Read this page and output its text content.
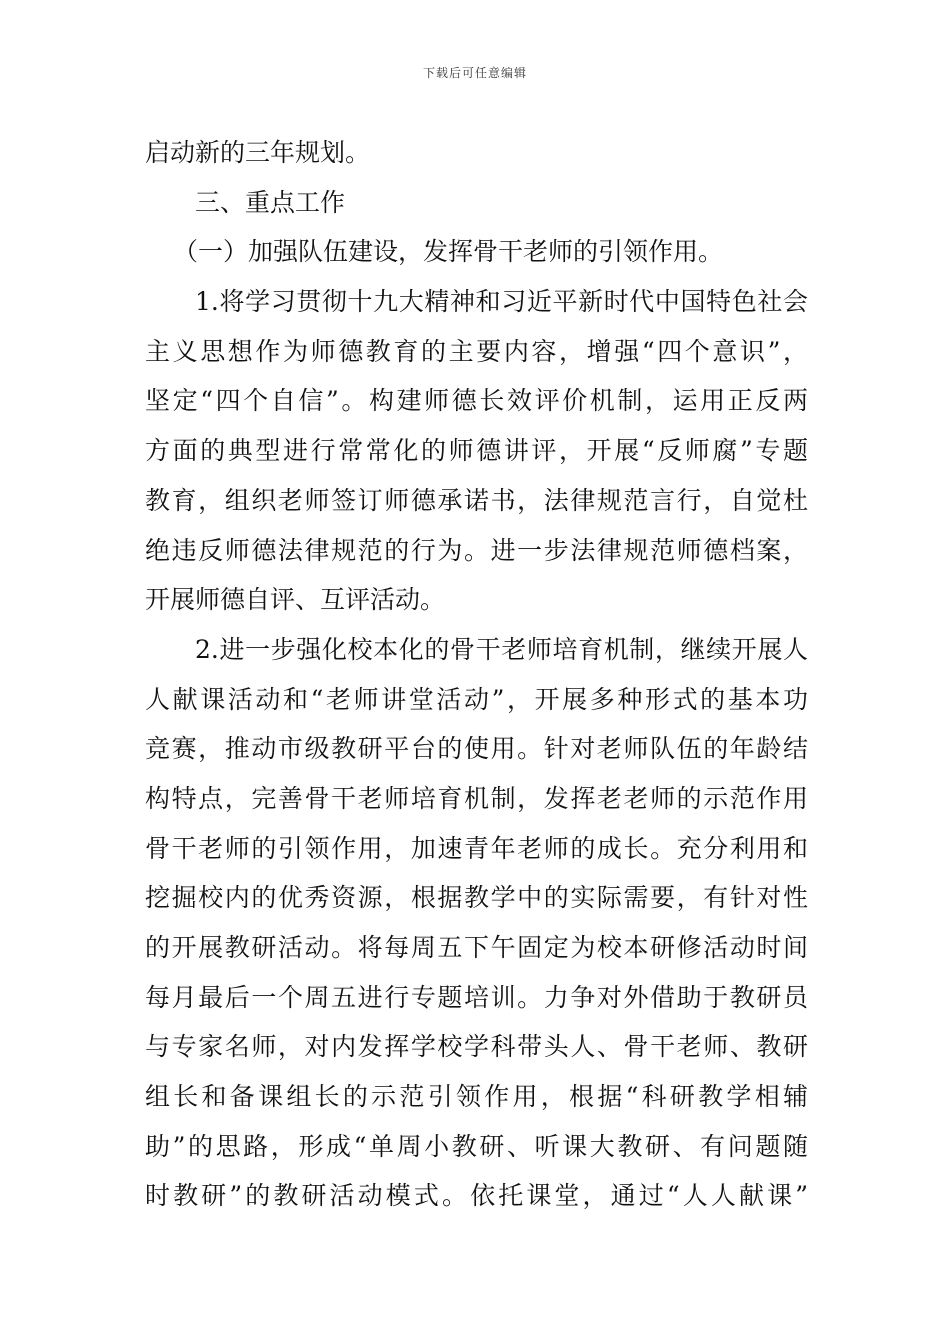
下载后可任意编辑
启动新的三年规划。
三、重点工作
（一）加强队伍建设，发挥骨干老师的引领作用。
1.将学习贯彻十九大精神和习近平新时代中国特色社会
主义思想作为师德教育的主要内容，增强“四个意识”，
坚定“四个自信”。构建师德长效评价机制，运用正反两
方面的典型进行常常化的师德讲评，开展“反师腐”专题
教育，组织老师签订师德承诺书，法律规范言行，自觉杜
绝违反师德法律规范的行为。进一步法律规范师德档案，
开展师德自评、互评活动。
2.进一步强化校本化的骨干老师培育机制，继续开展人
人献课活动和“老师讲堂活动”，开展多种形式的基本功
竞赛，推动市级教研平台的使用。针对老师队伍的年龄结
构特点，完善骨干老师培育机制，发挥老老师的示范作用
骨干老师的引领作用，加速青年老师的成长。充分利用和
挖掘校内的优秀资源，根据教学中的实际需要，有针对性
的开展教研活动。将每周五下午固定为校本研修活动时间
每月最后一个周五进行专题培训。力争对外借助于教研员
与专家名师，对内发挥学校学科带头人、骨干老师、教研
组长和备课组长的示范引领作用，根据“科研教学相辅
助”的思路，形成“单周小教研、听课大教研、有问题随
时教研”的教研活动模式。依托课堂，通过“人人献课”
